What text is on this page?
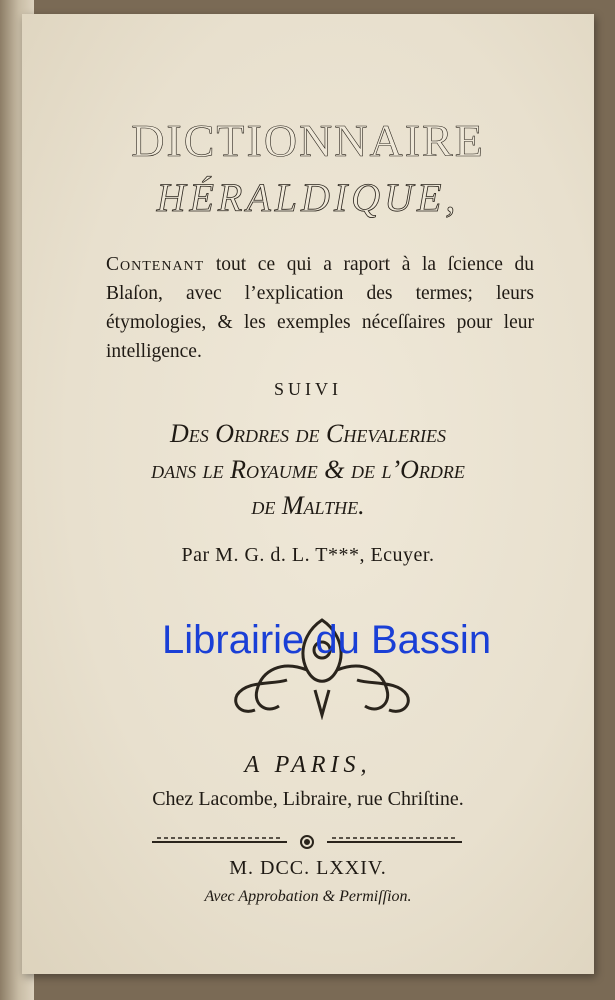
DICTIONNAIRE
HÉRALDIQUE,
Contenant tout ce qui a raport à la ſcience du Blaſon, avec l’explication des termes; leurs étymologies, & les exemples néceſſaires pour leur intelligence.
SUIVI
Des Ordres de Chevaleries
dans le Royaume & de l’Ordre
de Malthe.
Par M. G. d. L. T***, Ecuyer.
Librairie du Bassin
A PARIS,
Chez Lacombe, Libraire, rue Chriſtine.
M. DCC. LXXIV.
Avec Approbation & Permiſſion.
